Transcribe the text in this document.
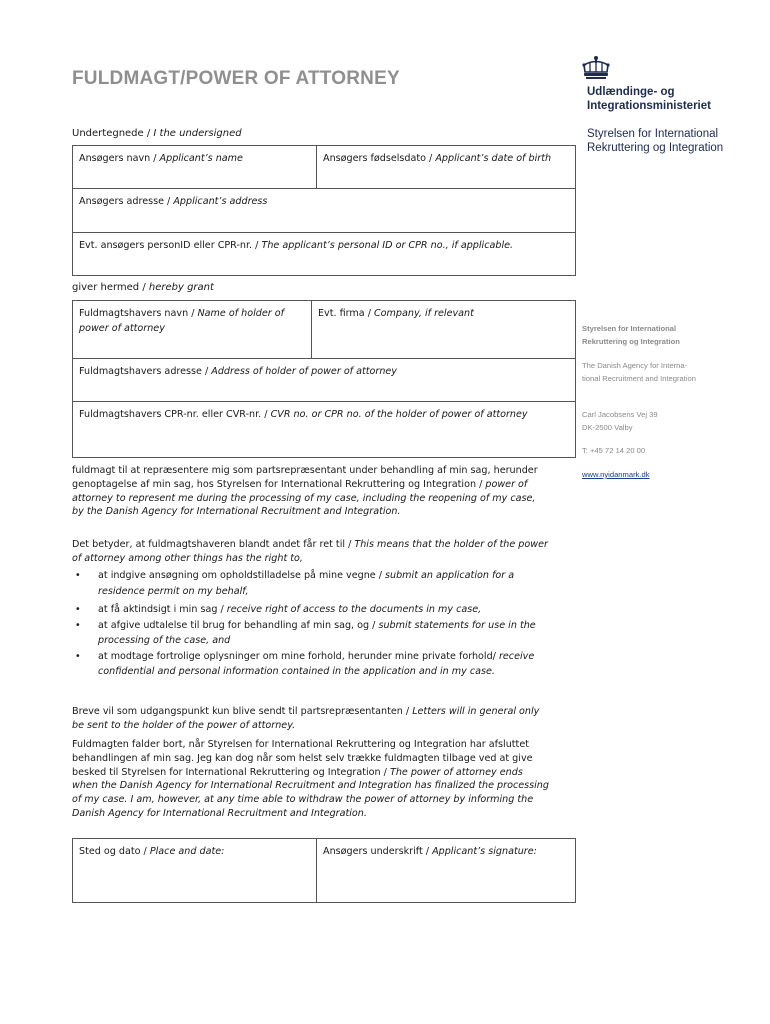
FULDMAGT/POWER OF ATTORNEY
Udlændinge- og
Integrationsministeriet
Styrelsen for International
Rekruttering og Integration
Undertegnede / I the undersigned
Ansøgers navn / Applicant’s name	Ansøgers fødselsdato / Applicant’s date of birth
Ansøgers adresse / Applicant’s address
Evt. ansøgers personID eller CPR-nr. / The applicant’s personal ID or CPR no., if applicable.
giver hermed / hereby grant
Fuldmagtshavers navn / Name of holder of power of attorney
Evt. firma / Company, if relevant
Fuldmagtshavers adresse / Address of holder of power of attorney
Fuldmagtshavers CPR-nr. eller CVR-nr. / CVR no. or CPR no. of the holder of power of attorney
Styrelsen for International
Rekruttering og Integration
The Danish Agency for Interna-
tional Recruitment and Integration
Carl Jacobsens Vej 39
DK-2500 Valby
T: +45 72 14 20 00
www.nyidanmark.dk
fuldmagt til at repræsentere mig som partsrepræsentant under behandling af min sag, herunder genoptagelse af min sag, hos Styrelsen for International Rekruttering og Integration / power of attorney to represent me during the processing of my case, including the reopening of my case, by the Danish Agency for International Recruitment and Integration.
Det betyder, at fuldmagtshaveren blandt andet får ret til / This means that the holder of the power of attorney among other things has the right to,
• at indgive ansøgning om opholdstilladelse på mine vegne / submit an application for a residence permit on my behalf,
• at få aktindsigt i min sag / receive right of access to the documents in my case,
• at afgive udtalelse til brug for behandling af min sag, og / submit statements for use in the processing of the case, and
• at modtage fortrolige oplysninger om mine forhold, herunder mine private forhold/ receive confidential and personal information contained in the application and in my case.
Breve vil som udgangspunkt kun blive sendt til partsrepræsentanten / Letters will in general only be sent to the holder of the power of attorney.
Fuldmagten falder bort, når Styrelsen for International Rekruttering og Integration har afsluttet behandlingen af min sag. Jeg kan dog når som helst selv trække fuldmagten tilbage ved at give besked til Styrelsen for International Rekruttering og Integration / The power of attorney ends when the Danish Agency for International Recruitment and Integration has finalized the processing of my case. I am, however, at any time able to withdraw the power of attorney by informing the Danish Agency for International Recruitment and Integration.
Sted og dato / Place and date:	Ansøgers underskrift / Applicant’s signature:
